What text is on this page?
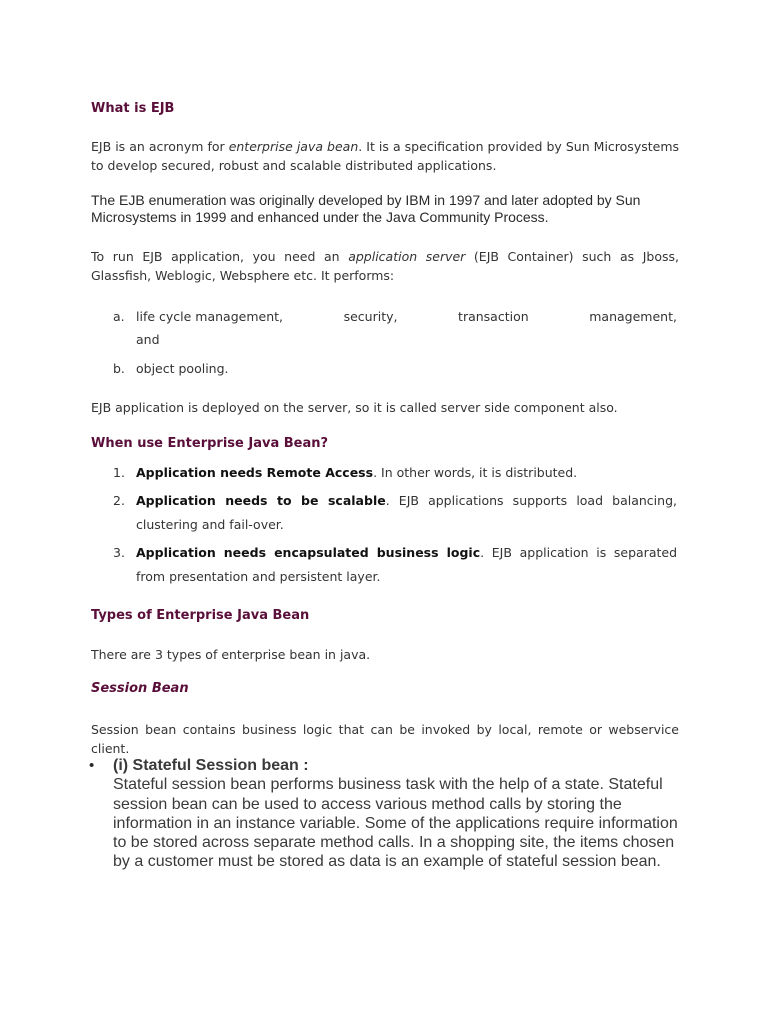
What is EJB
EJB is an acronym for enterprise java bean. It is a specification provided by Sun Microsystems to develop secured, robust and scalable distributed applications.
The EJB enumeration was originally developed by IBM in 1997 and later adopted by Sun Microsystems in 1999 and enhanced under the Java Community Process.
To run EJB application, you need an application server (EJB Container) such as Jboss, Glassfish, Weblogic, Websphere etc. It performs:
a. life cycle management,	security,	transaction	management,
and
b. object pooling.
EJB application is deployed on the server, so it is called server side component also.
When use Enterprise Java Bean?
1. Application needs Remote Access. In other words, it is distributed.
2. Application needs to be scalable. EJB applications supports load balancing, clustering and fail-over.
3. Application needs encapsulated business logic. EJB application is separated from presentation and persistent layer.
Types of Enterprise Java Bean
There are 3 types of enterprise bean in java.
Session Bean
Session bean contains business logic that can be invoked by local, remote or webservice client.
• (i) Stateful Session bean :
Stateful session bean performs business task with the help of a state. Stateful session bean can be used to access various method calls by storing the information in an instance variable. Some of the applications require information to be stored across separate method calls. In a shopping site, the items chosen by a customer must be stored as data is an example of stateful session bean.
